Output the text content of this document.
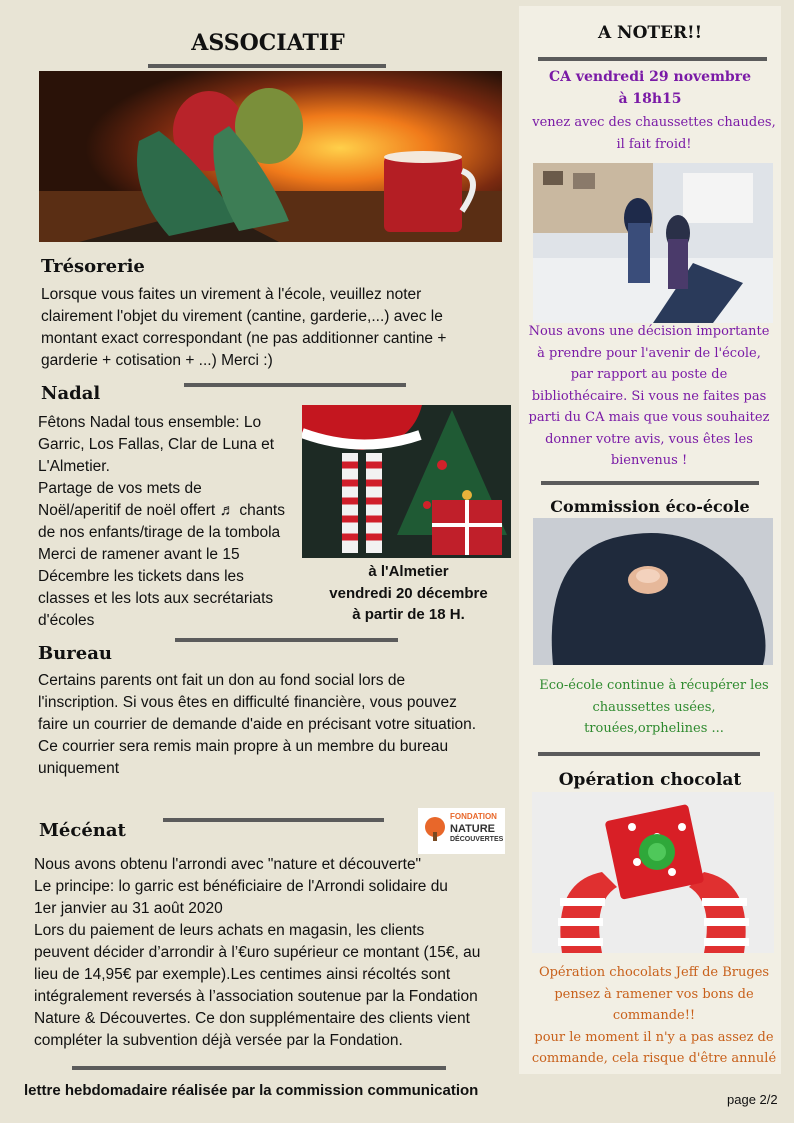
ASSOCIATIF
Trésorerie
Lorsque vous faites un virement à l'école, veuillez noter
clairement l'objet du virement (cantine, garderie,...) avec le
montant exact correspondant (ne pas additionner cantine +
garderie + cotisation + ...) Merci :)
Nadal
Fêtons Nadal tous ensemble: Lo
Garric, Los Fallas, Clar de Luna et
L'Almetier.
Partage de vos mets de
Noël/aperitif de noël offert ♬ chants
de nos enfants/tirage de la tombola
Merci de ramener avant le 15
Décembre les tickets dans les
classes et les lots aux secrétariats
d'écoles
à l'Almetier
vendredi 20 décembre
à partir de 18 H.
Bureau
Certains parents ont fait un don au fond social lors de
l'inscription. Si vous êtes en difficulté financière, vous pouvez
faire un courrier de demande d'aide en précisant votre situation.
Ce courrier sera remis main propre à un membre du bureau
uniquement
Mécénat
FONDATION
NATURE
DÉCOUVERTES
Nous avons obtenu l'arrondi avec "nature et découverte"
Le principe: lo garric est bénéficiaire de l'Arrondi solidaire du
1er janvier au 31 août 2020
Lors du paiement de leurs achats en magasin, les clients
peuvent décider d’arrondir à l’€uro supérieur ce montant (15€, au
lieu de 14,95€ par exemple).Les centimes ainsi récoltés sont
intégralement reversés à l’association soutenue par la Fondation
Nature & Découvertes. Ce don supplémentaire des clients vient
compléter la subvention déjà versée par la Fondation.
lettre hebdomadaire réalisée par la commission communication
page 2/2
A NOTER!!
CA vendredi 29 novembre
à 18h15
venez avec des chaussettes chaudes,
il fait froid!
Nous avons une décision importante
à prendre pour l'avenir de l'école,
par rapport au poste de
bibliothécaire. Si vous ne faites pas
parti du CA mais que vous souhaitez
donner votre avis, vous êtes les
bienvenus !
Commission éco-école
Eco-école continue à récupérer les
chaussettes usées,
trouées,orphelines ...
Opération chocolat
Opération chocolats Jeff de Bruges
pensez à ramener vos bons de
commande!!
pour le moment il n'y a pas assez de
commande, cela risque d'être annulé
